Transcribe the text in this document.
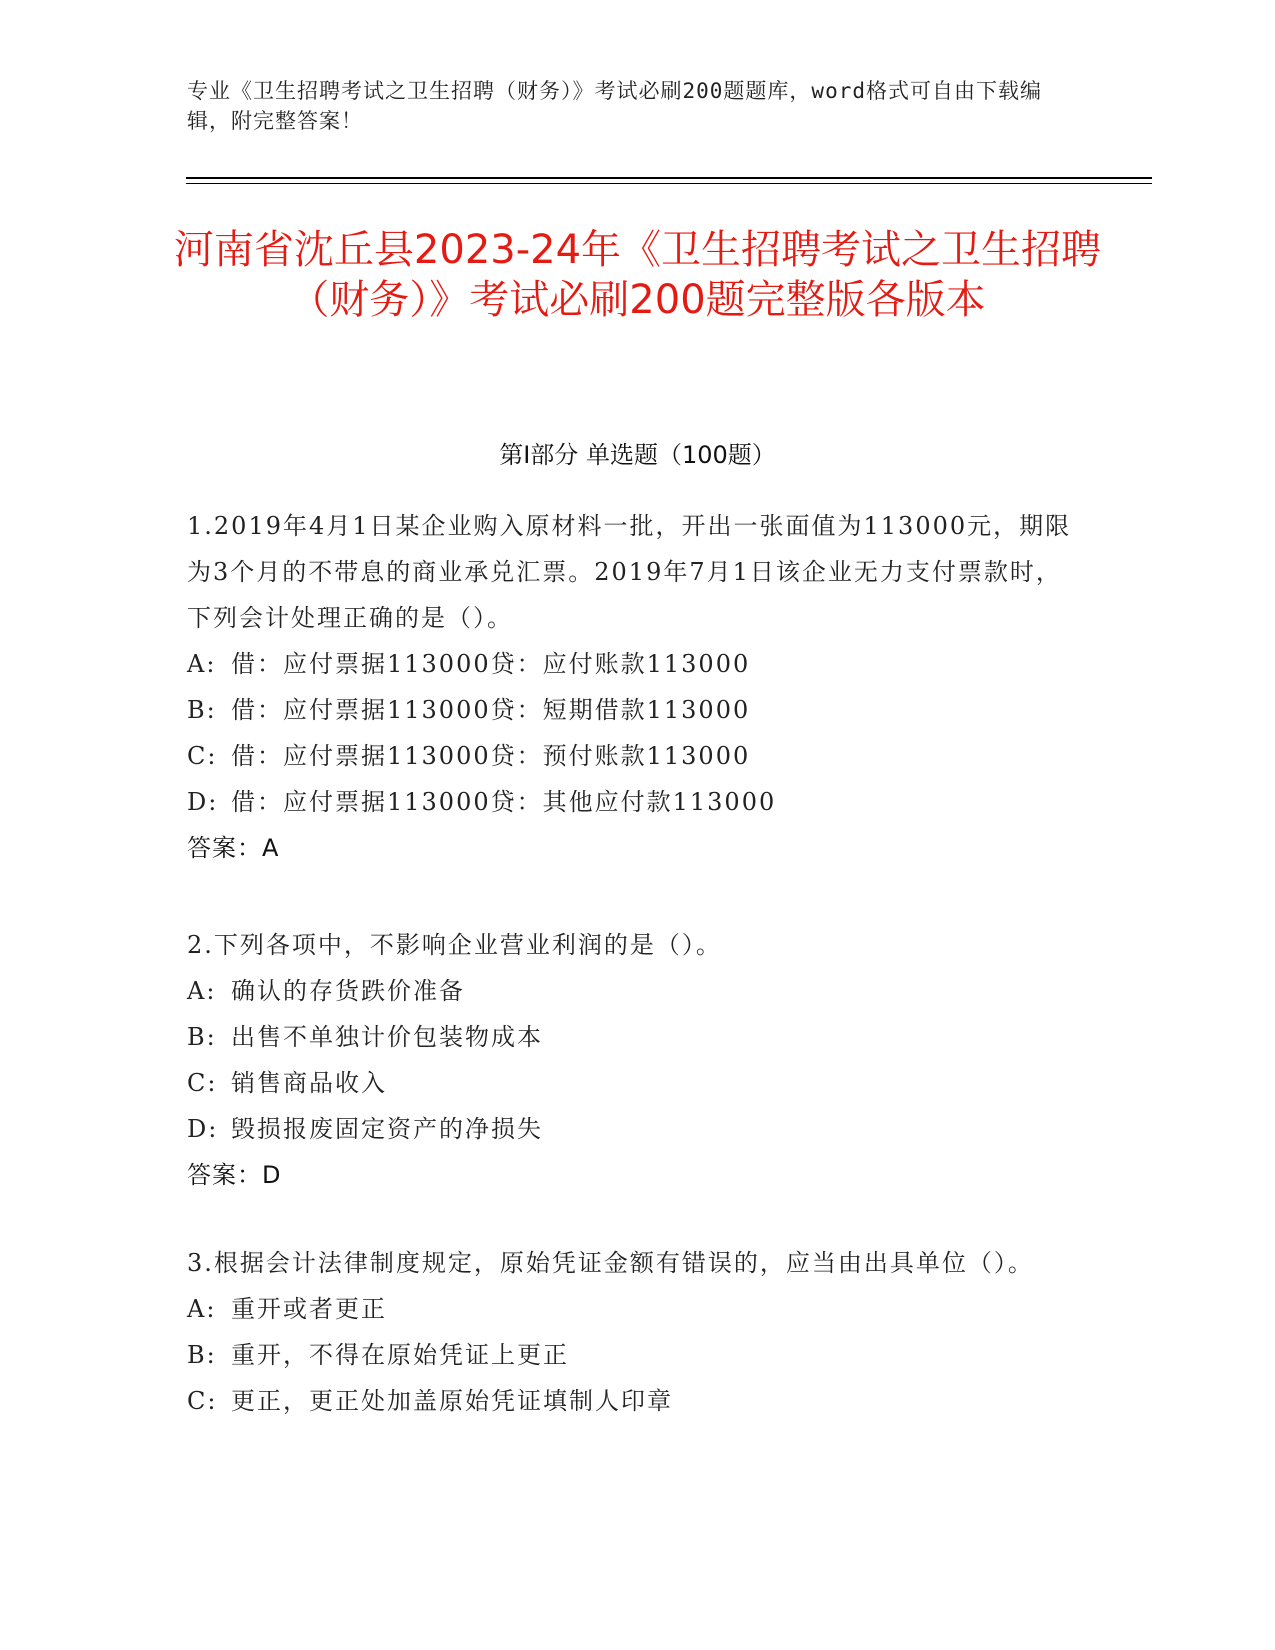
专业《卫生招聘考试之卫生招聘（财务）》考试必刷200题题库，word格式可自由下载编辑，附完整答案！
河南省沈丘县2023-24年《卫生招聘考试之卫生招聘（财务）》考试必刷200题完整版各版本
第Ⅰ部分 单选题（100题）
1.2019年4月1日某企业购入原材料一批，开出一张面值为113000元，期限为3个月的不带息的商业承兑汇票。2019年7月1日该企业无力支付票款时，下列会计处理正确的是（）。
A: 借：应付票据113000贷：应付账款113000
B: 借：应付票据113000贷：短期借款113000
C: 借：应付票据113000贷：预付账款113000
D: 借：应付票据113000贷：其他应付款113000
答案：A
2.下列各项中，不影响企业营业利润的是（）。
A: 确认的存货跌价准备
B: 出售不单独计价包装物成本
C: 销售商品收入
D: 毁损报废固定资产的净损失
答案：D
3.根据会计法律制度规定，原始凭证金额有错误的，应当由出具单位（）。
A: 重开或者更正
B: 重开，不得在原始凭证上更正
C: 更正，更正处加盖原始凭证填制人印章
